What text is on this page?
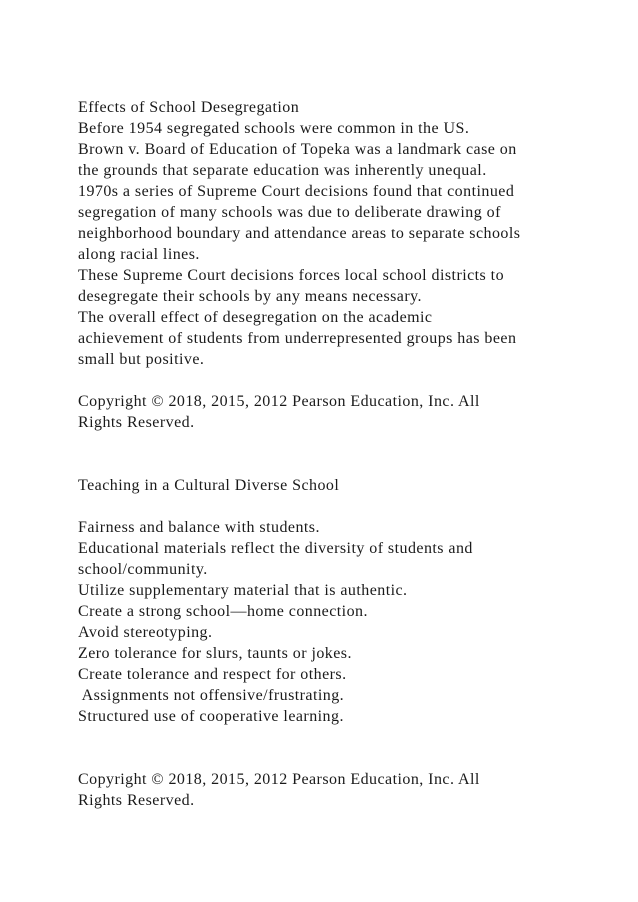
Effects of School Desegregation
Before 1954 segregated schools were common in the US.
Brown v. Board of Education of Topeka was a landmark case on
the grounds that separate education was inherently unequal.
1970s a series of Supreme Court decisions found that continued
segregation of many schools was due to deliberate drawing of
neighborhood boundary and attendance areas to separate schools
along racial lines.
These Supreme Court decisions forces local school districts to
desegregate their schools by any means necessary.
The overall effect of desegregation on the academic
achievement of students from underrepresented groups has been
small but positive.
Copyright © 2018, 2015, 2012 Pearson Education, Inc. All
Rights Reserved.
Teaching in a Cultural Diverse School
Fairness and balance with students.
Educational materials reflect the diversity of students and
school/community.
Utilize supplementary material that is authentic.
Create a strong school—home connection.
Avoid stereotyping.
Zero tolerance for slurs, taunts or jokes.
Create tolerance and respect for others.
Assignments not offensive/frustrating.
Structured use of cooperative learning.
Copyright © 2018, 2015, 2012 Pearson Education, Inc. All
Rights Reserved.
